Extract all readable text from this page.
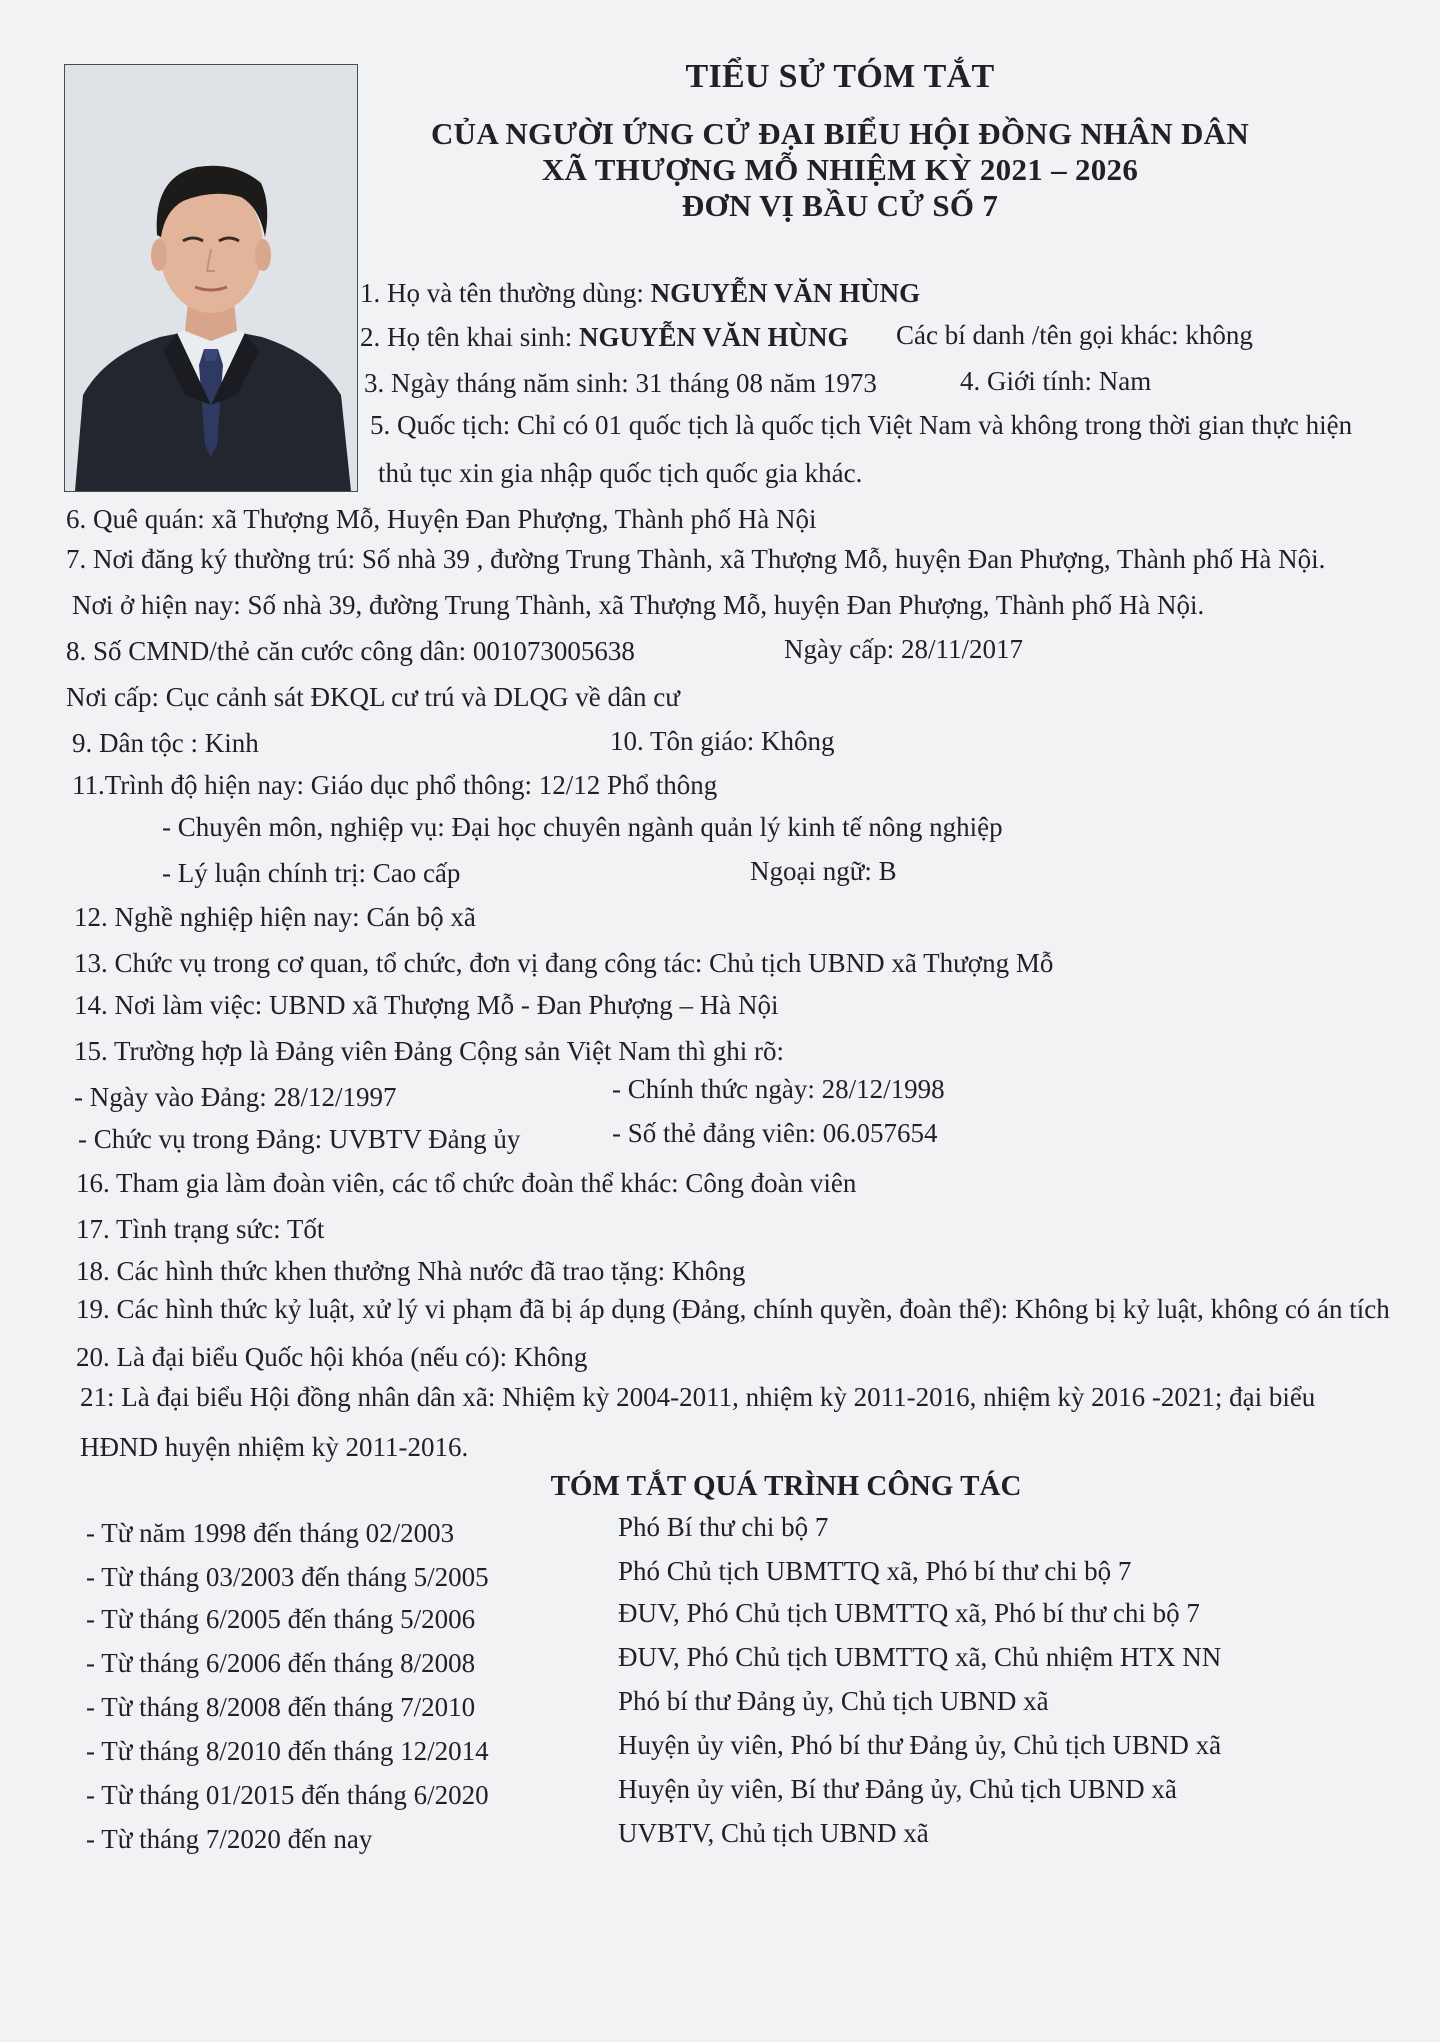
TIỂU SỬ TÓM TẮT
CỦA NGƯỜI ỨNG CỬ ĐẠI BIỂU HỘI ĐỒNG NHÂN DÂN
XÃ THƯỢNG MỖ NHIỆM KỲ 2021 – 2026
ĐƠN VỊ BẦU CỬ SỐ 7
1. Họ và tên thường dùng: NGUYỄN VĂN HÙNG
2. Họ tên khai sinh: NGUYỄN VĂN HÙNG Các bí danh /tên gọi khác: không
3. Ngày tháng năm sinh: 31 tháng 08 năm 1973	4. Giới tính: Nam
5. Quốc tịch: Chỉ có 01 quốc tịch là quốc tịch Việt Nam và không trong thời gian thực hiện
thủ tục xin gia nhập quốc tịch quốc gia khác.
6. Quê quán: xã Thượng Mỗ, Huyện Đan Phượng, Thành phố Hà Nội
7. Nơi đăng ký thường trú: Số nhà 39 , đường Trung Thành, xã Thượng Mỗ, huyện Đan Phượng, Thành phố Hà Nội.
Nơi ở hiện nay: Số nhà 39, đường Trung Thành, xã Thượng Mỗ, huyện Đan Phượng, Thành phố Hà Nội.
8. Số CMND/thẻ căn cước công dân: 001073005638	Ngày cấp: 28/11/2017
Nơi cấp: Cục cảnh sát ĐKQL cư trú và DLQG về dân cư
9. Dân tộc : Kinh	10. Tôn giáo: Không
11.Trình độ hiện nay: Giáo dục phổ thông: 12/12 Phổ thông
- Chuyên môn, nghiệp vụ: Đại học chuyên ngành quản lý kinh tế nông nghiệp
- Lý luận chính trị: Cao cấp	Ngoại ngữ: B
12. Nghề nghiệp hiện nay: Cán bộ xã
13. Chức vụ trong cơ quan, tổ chức, đơn vị đang công tác: Chủ tịch UBND xã Thượng Mỗ
14. Nơi làm việc: UBND xã Thượng Mỗ - Đan Phượng – Hà Nội
15. Trường hợp là Đảng viên Đảng Cộng sản Việt Nam thì ghi rõ:
- Ngày vào Đảng: 28/12/1997	- Chính thức ngày: 28/12/1998
- Chức vụ trong Đảng: UVBTV Đảng ủy	- Số thẻ đảng viên: 06.057654
16. Tham gia làm đoàn viên, các tổ chức đoàn thể khác: Công đoàn viên
17. Tình trạng sức: Tốt
18. Các hình thức khen thưởng Nhà nước đã trao tặng: Không
19. Các hình thức kỷ luật, xử lý vi phạm đã bị áp dụng (Đảng, chính quyền, đoàn thể): Không bị kỷ luật, không có án tích
20. Là đại biểu Quốc hội khóa (nếu có): Không
21: Là đại biểu Hội đồng nhân dân xã: Nhiệm kỳ 2004-2011, nhiệm kỳ 2011-2016, nhiệm kỳ 2016 -2021; đại biểu
HĐND huyện nhiệm kỳ 2011-2016.
TÓM TẮT QUÁ TRÌNH CÔNG TÁC
- Từ năm 1998 đến tháng 02/2003	Phó Bí thư chi bộ 7
- Từ tháng 03/2003 đến tháng 5/2005	Phó Chủ tịch UBMTTQ xã, Phó bí thư chi bộ 7
- Từ tháng 6/2005 đến tháng 5/2006	ĐUV, Phó Chủ tịch UBMTTQ xã, Phó bí thư chi bộ 7
- Từ tháng 6/2006 đến tháng 8/2008	ĐUV, Phó Chủ tịch UBMTTQ xã, Chủ nhiệm HTX NN
- Từ tháng 8/2008 đến tháng 7/2010	Phó bí thư Đảng ủy, Chủ tịch UBND xã
- Từ tháng 8/2010 đến tháng 12/2014	Huyện ủy viên, Phó bí thư Đảng ủy, Chủ tịch UBND xã
- Từ tháng 01/2015 đến tháng 6/2020	Huyện ủy viên, Bí thư Đảng ủy, Chủ tịch UBND xã
- Từ tháng 7/2020 đến nay	UVBTV, Chủ tịch UBND xã
